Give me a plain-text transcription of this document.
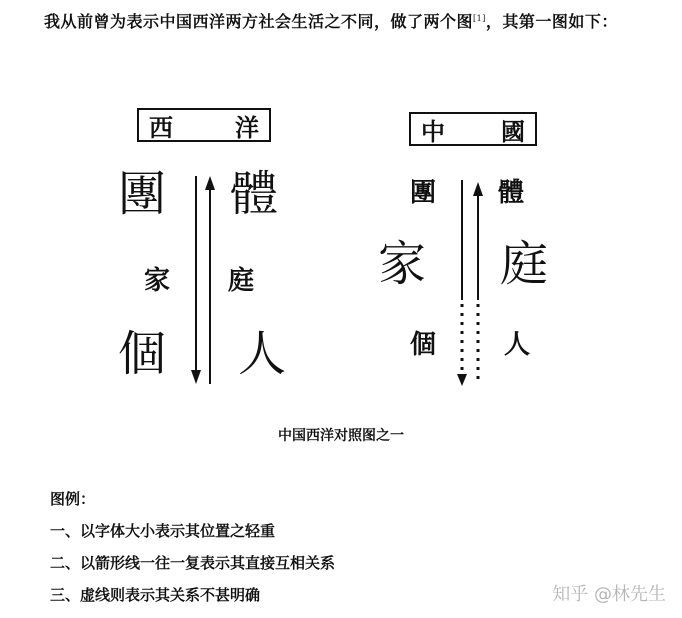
我从前曾为表示中国西洋两方社会生活之不同，做了两个图[1]，其第一图如下：
西	洋	中 國
團
家
個
體
庭
人
團
家
個
體
庭
人
中国西洋对照图之一
图例：
一、以字体大小表示其位置之轻重
二、以箭形线一往一复表示其直接互相关系
三、虚线则表示其关系不甚明确	知乎 @林先生
